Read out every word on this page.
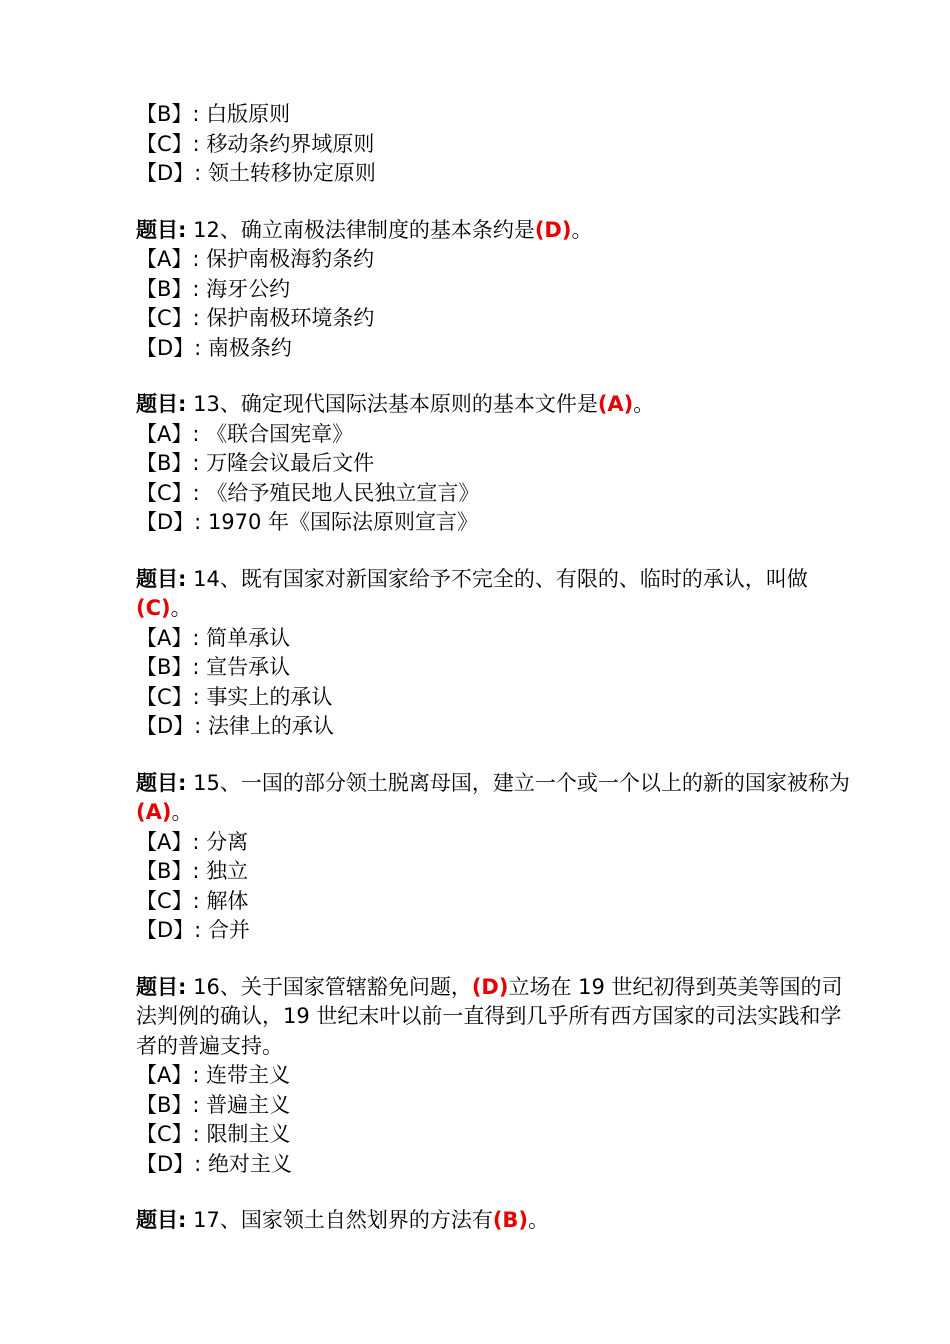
【B】: 白版原则
【C】: 移动条约界域原则
【D】: 领土转移协定原则
题目: 12、确立南极法律制度的基本条约是(D)。
【A】: 保护南极海豹条约
【B】: 海牙公约
【C】: 保护南极环境条约
【D】: 南极条约
题目: 13、确定现代国际法基本原则的基本文件是(A)。
【A】: 《联合国宪章》
【B】: 万隆会议最后文件
【C】: 《给予殖民地人民独立宣言》
【D】: 1970 年《国际法原则宣言》
题目: 14、既有国家对新国家给予不完全的、有限的、临时的承认，叫做(C)。
【A】: 简单承认
【B】: 宣告承认
【C】: 事实上的承认
【D】: 法律上的承认
题目: 15、一国的部分领土脱离母国，建立一个或一个以上的新的国家被称为(A)。
【A】: 分离
【B】: 独立
【C】: 解体
【D】: 合并
题目: 16、关于国家管辖豁免问题，(D)立场在 19 世纪初得到英美等国的司法判例的确认，19 世纪末叶以前一直得到几乎所有西方国家的司法实践和学者的普遍支持。
【A】: 连带主义
【B】: 普遍主义
【C】: 限制主义
【D】: 绝对主义
题目: 17、国家领土自然划界的方法有(B)。
